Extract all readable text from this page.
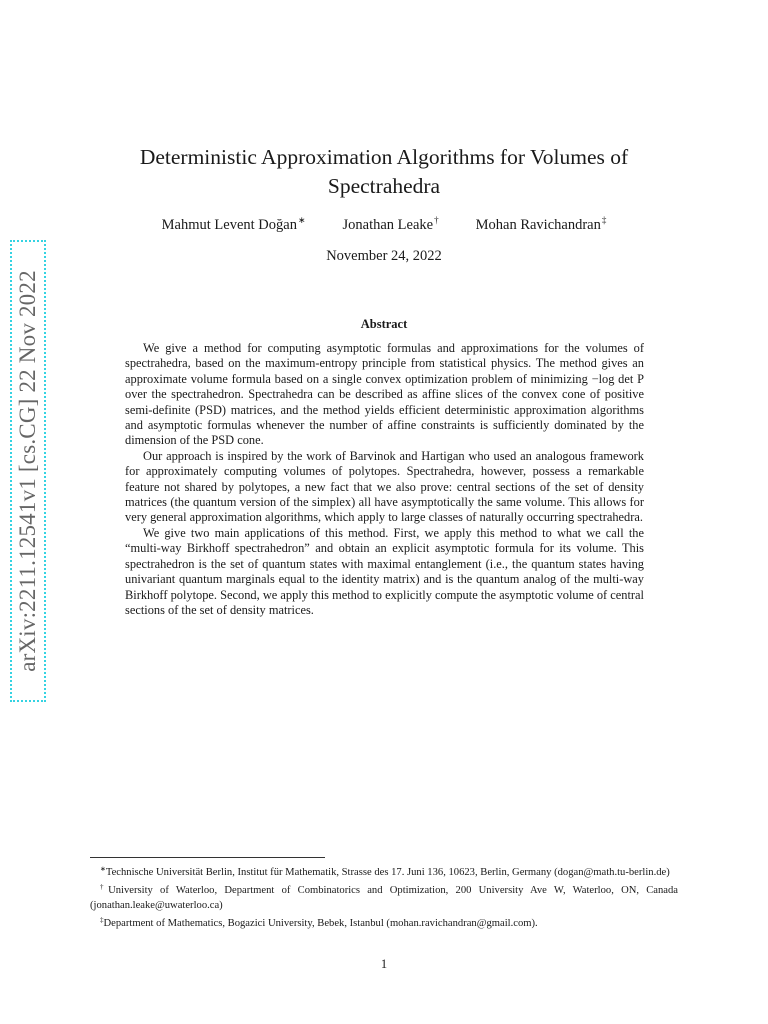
arXiv:2211.12541v1 [cs.CG] 22 Nov 2022
Deterministic Approximation Algorithms for Volumes of Spectrahedra
Mahmut Levent Doğan∗	Jonathan Leake†	Mohan Ravichandran‡
November 24, 2022
Abstract

We give a method for computing asymptotic formulas and approximations for the volumes of spectrahedra, based on the maximum-entropy principle from statistical physics. The method gives an approximate volume formula based on a single convex optimization problem of minimizing −log det P over the spectrahedron. Spectrahedra can be described as affine slices of the convex cone of positive semi-definite (PSD) matrices, and the method yields efficient deterministic approximation algorithms and asymptotic formulas whenever the number of affine constraints is sufficiently dominated by the dimension of the PSD cone.

Our approach is inspired by the work of Barvinok and Hartigan who used an analogous framework for approximately computing volumes of polytopes. Spectrahedra, however, possess a remarkable feature not shared by polytopes, a new fact that we also prove: central sections of the set of density matrices (the quantum version of the simplex) all have asymptotically the same volume. This allows for very general approximation algorithms, which apply to large classes of naturally occurring spectrahedra.

We give two main applications of this method. First, we apply this method to what we call the “multi-way Birkhoff spectrahedron” and obtain an explicit asymptotic formula for its volume. This spectrahedron is the set of quantum states with maximal entanglement (i.e., the quantum states having univariant quantum marginals equal to the identity matrix) and is the quantum analog of the multi-way Birkhoff polytope. Second, we apply this method to explicitly compute the asymptotic volume of central sections of the set of density matrices.

∗Technische Universität Berlin, Institut für Mathematik, Strasse des 17. Juni 136, 10623, Berlin, Germany (dogan@math.tu-berlin.de)

†University of Waterloo, Department of Combinatorics and Optimization, 200 University Ave W, Waterloo, ON, Canada (jonathan.leake@uwaterloo.ca)

‡Department of Mathematics, Bogazici University, Bebek, Istanbul (mohan.ravichandran@gmail.com).

1
